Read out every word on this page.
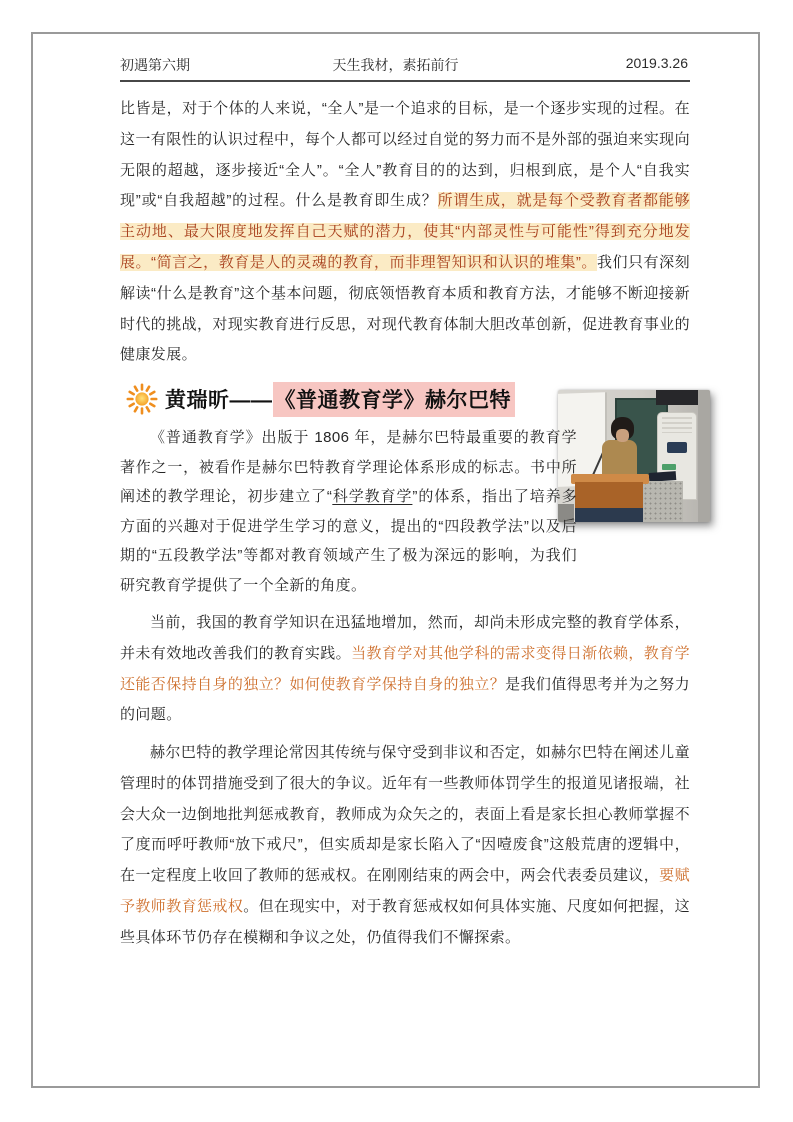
初遇第六期	天生我材，素拓前行	2019.3.26

比皆是，对于个体的人来说，“全人”是一个追求的目标，是一个逐步实现的过程。在这一有限性的认识过程中，每个人都可以经过自觉的努力而不是外部的强迫来实现向无限的超越，逐步接近“全人”。“全人”教育目的的达到，归根到底，是个人“自我实现”或“自我超越”的过程。什么是教育即生成？所谓生成，就是每个受教育者都能够主动地、最大限度地发挥自己天赋的潜力，使其“内部灵性与可能性”得到充分地发展。“简言之，教育是人的灵魂的教育，而非理智知识和认识的堆集”。我们只有深刻解读“什么是教育”这个基本问题，彻底领悟教育本质和教育方法，才能够不断迎接新时代的挑战，对现实教育进行反思，对现代教育体制大胆改革创新，促进教育事业的健康发展。

黄瑞昕—— 《普通教育学》赫尔巴特

《普通教育学》出版于 1806 年，是赫尔巴特最重要的教育学著作之一，被看作是赫尔巴特教育学理论体系形成的标志。书中所阐述的教学理论，初步建立了“科学教育学”的体系，指出了培养多方面的兴趣对于促进学生学习的意义，提出的“四段教学法”以及后期的“五段教学法”等都对教育领域产生了极为深远的影响，为我们研究教育学提供了一个全新的角度。

当前，我国的教育学知识在迅猛地增加，然而，却尚未形成完整的教育学体系，并未有效地改善我们的教育实践。当教育学对其他学科的需求变得日渐依赖，教育学还能否保持自身的独立？如何使教育学保持自身的独立？是我们值得思考并为之努力的问题。

赫尔巴特的教学理论常因其传统与保守受到非议和否定，如赫尔巴特在阐述儿童管理时的体罚措施受到了很大的争议。近年有一些教师体罚学生的报道见诸报端，社会大众一边倒地批判惩戒教育，教师成为众矢之的，表面上看是家长担心教师掌握不了度而呼吁教师“放下戒尺”，但实质却是家长陷入了“因噎废食”这般荒唐的逻辑中，在一定程度上收回了教师的惩戒权。在刚刚结束的两会中，两会代表委员建议，要赋予教师教育惩戒权。但在现实中，对于教育惩戒权如何具体实施、尺度如何把握，这些具体环节仍存在模糊和争议之处，仍值得我们不懈探索。
